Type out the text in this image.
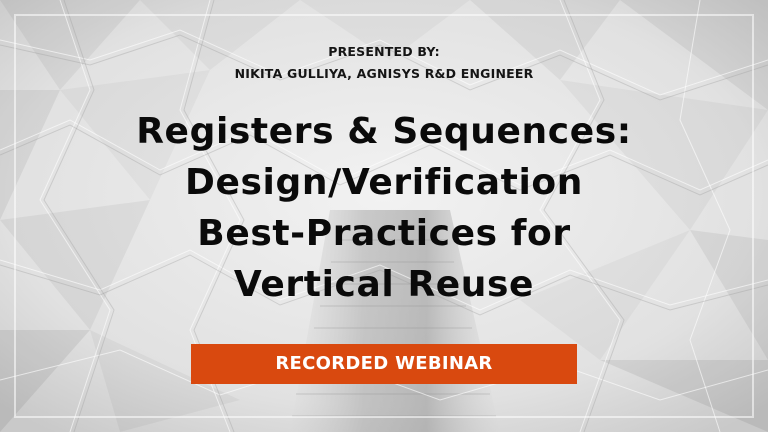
PRESENTED BY:
NIKITA GULLIYA, AGNISYS R&D ENGINEER
Registers & Sequences:
Design/Verification
Best-Practices for
Vertical Reuse
RECORDED WEBINAR
